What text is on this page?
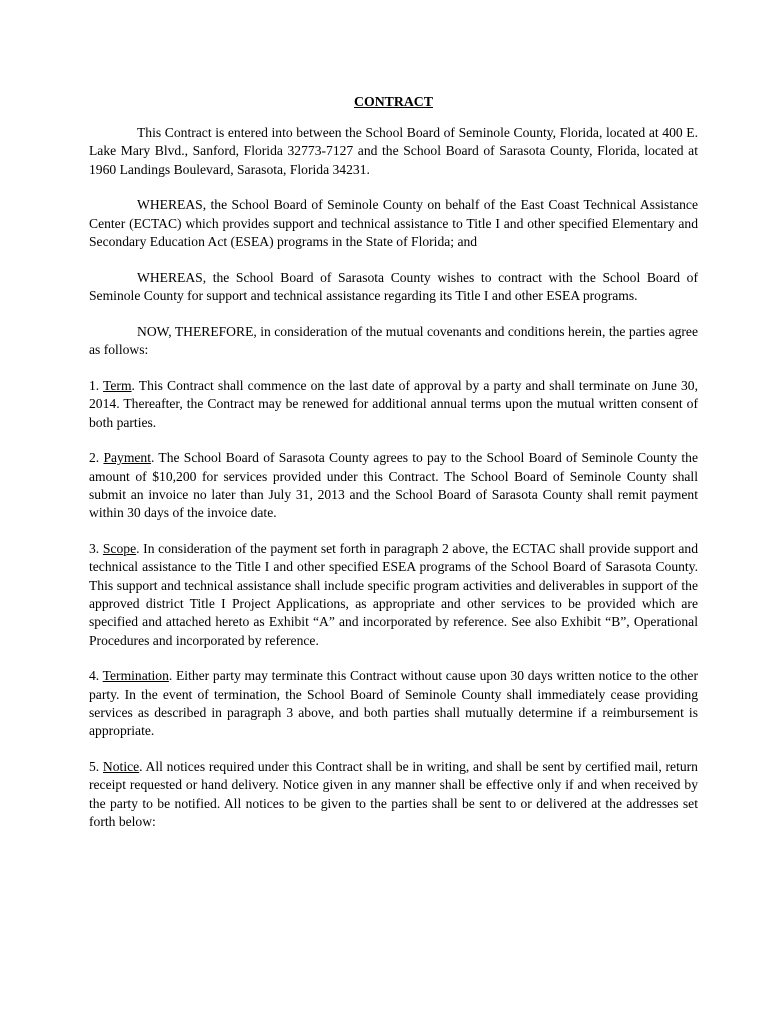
CONTRACT

This Contract is entered into between the School Board of Seminole County, Florida, located at 400 E. Lake Mary Blvd., Sanford, Florida 32773-7127 and the School Board of Sarasota County, Florida, located at 1960 Landings Boulevard, Sarasota, Florida 34231.

WHEREAS, the School Board of Seminole County on behalf of the East Coast Technical Assistance Center (ECTAC) which provides support and technical assistance to Title I and other specified Elementary and Secondary Education Act (ESEA) programs in the State of Florida; and

WHEREAS, the School Board of Sarasota County wishes to contract with the School Board of Seminole County for support and technical assistance regarding its Title I and other ESEA programs.

NOW, THEREFORE, in consideration of the mutual covenants and conditions herein, the parties agree as follows:

1. Term. This Contract shall commence on the last date of approval by a party and shall terminate on June 30, 2014. Thereafter, the Contract may be renewed for additional annual terms upon the mutual written consent of both parties.

2. Payment. The School Board of Sarasota County agrees to pay to the School Board of Seminole County the amount of $10,200 for services provided under this Contract. The School Board of Seminole County shall submit an invoice no later than July 31, 2013 and the School Board of Sarasota County shall remit payment within 30 days of the invoice date.

3. Scope. In consideration of the payment set forth in paragraph 2 above, the ECTAC shall provide support and technical assistance to the Title I and other specified ESEA programs of the School Board of Sarasota County. This support and technical assistance shall include specific program activities and deliverables in support of the approved district Title I Project Applications, as appropriate and other services to be provided which are specified and attached hereto as Exhibit “A” and incorporated by reference. See also Exhibit “B”, Operational Procedures and incorporated by reference.

4. Termination. Either party may terminate this Contract without cause upon 30 days written notice to the other party. In the event of termination, the School Board of Seminole County shall immediately cease providing services as described in paragraph 3 above, and both parties shall mutually determine if a reimbursement is appropriate.

5. Notice. All notices required under this Contract shall be in writing, and shall be sent by certified mail, return receipt requested or hand delivery. Notice given in any manner shall be effective only if and when received by the party to be notified. All notices to be given to the parties shall be sent to or delivered at the addresses set forth below:
